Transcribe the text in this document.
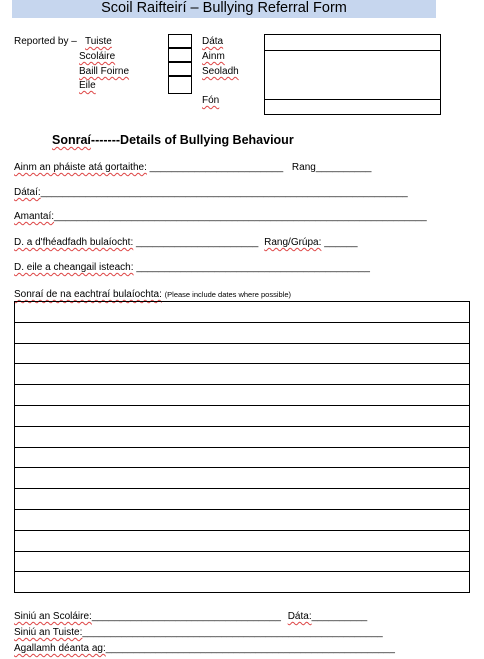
Scoil Raifteirí – Bullying Referral Form
Reported by – Tuiste
Scoláire
Baill Foirne
Eile
Dáta
Ainm
Seoladh
Fón
Sonraí-------Details of Bullying Behaviour
Ainm an pháiste atá gortaithe: ________________________ Rang__________
Dátaí:__________________________________________________________________
Amantaí:___________________________________________________________________
D. a d'fhéadfadh bulaíocht: ______________________ Rang/Grúpa: ______
D. eile a cheangail isteach: __________________________________________
Sonraí de na eachtraí bulaíochta: (Please include dates where possible)

Siniú an Scoláire:__________________________________ Dáta:__________
Siniú an Tuiste:______________________________________________________
Agallamh déanta ag:____________________________________________________
